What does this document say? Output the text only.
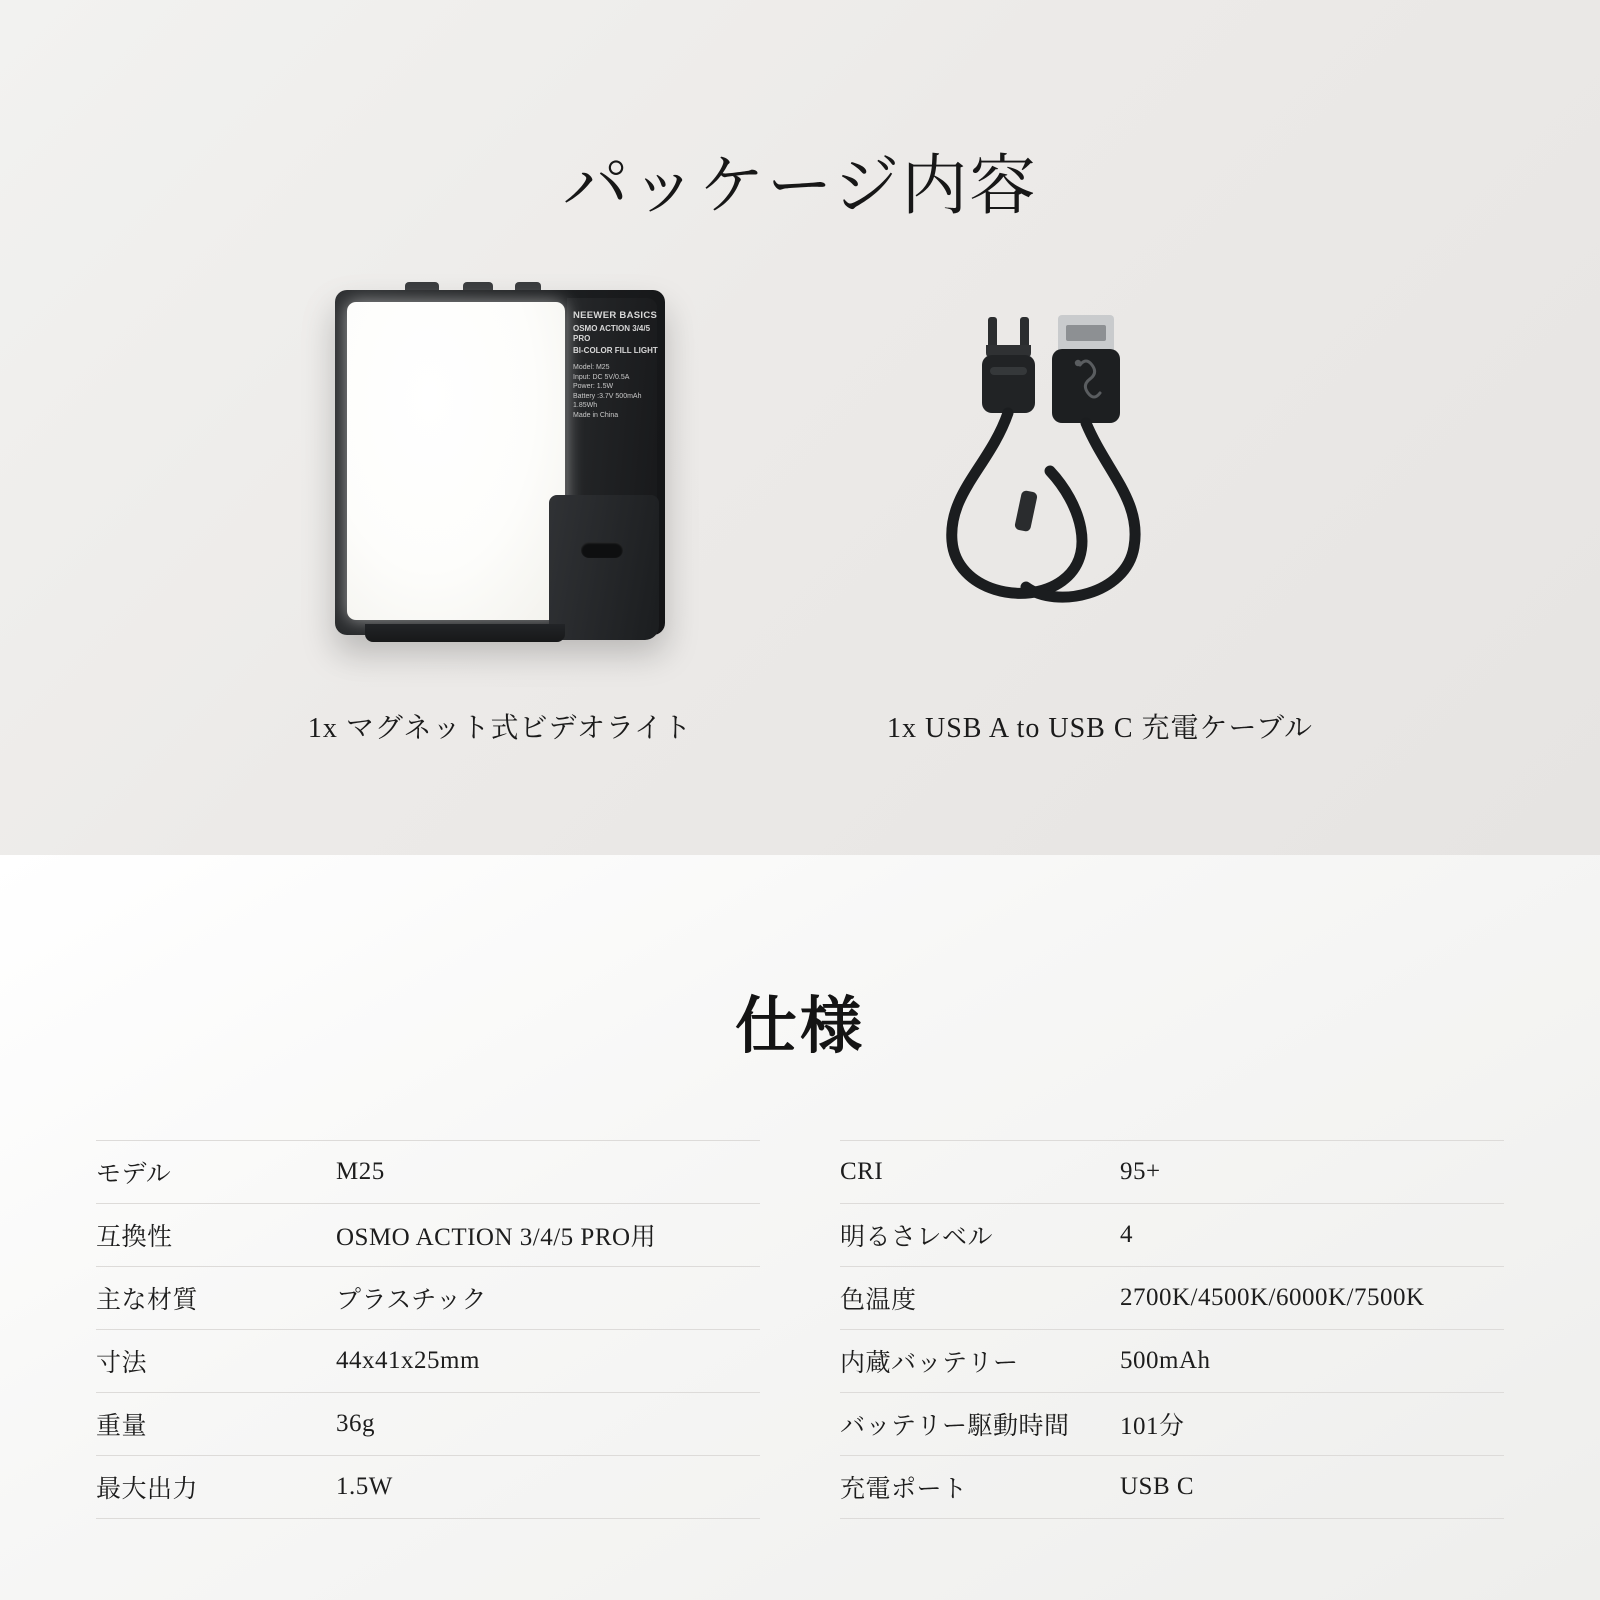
パッケージ内容
NEEWER BASICS
OSMO ACTION 3/4/5 PRO
BI-COLOR FILL LIGHT
Model: M25
Input: DC 5V/0.5A
Power: 1.5W
Battery :3.7V 500mAh 1.85Wh
Made in China
1x マグネット式ビデオライト	1x USB A to USB C 充電ケーブル
仕様
モデル	M25
互換性	OSMO ACTION 3/4/5 PRO用
主な材質	プラスチック
寸法	44x41x25mm
重量	36g
最大出力	1.5W
CRI	95+
明るさレベル	4
色温度	2700K/4500K/6000K/7500K
内蔵バッテリー	500mAh
バッテリー駆動時間	101分
充電ポート	USB C
